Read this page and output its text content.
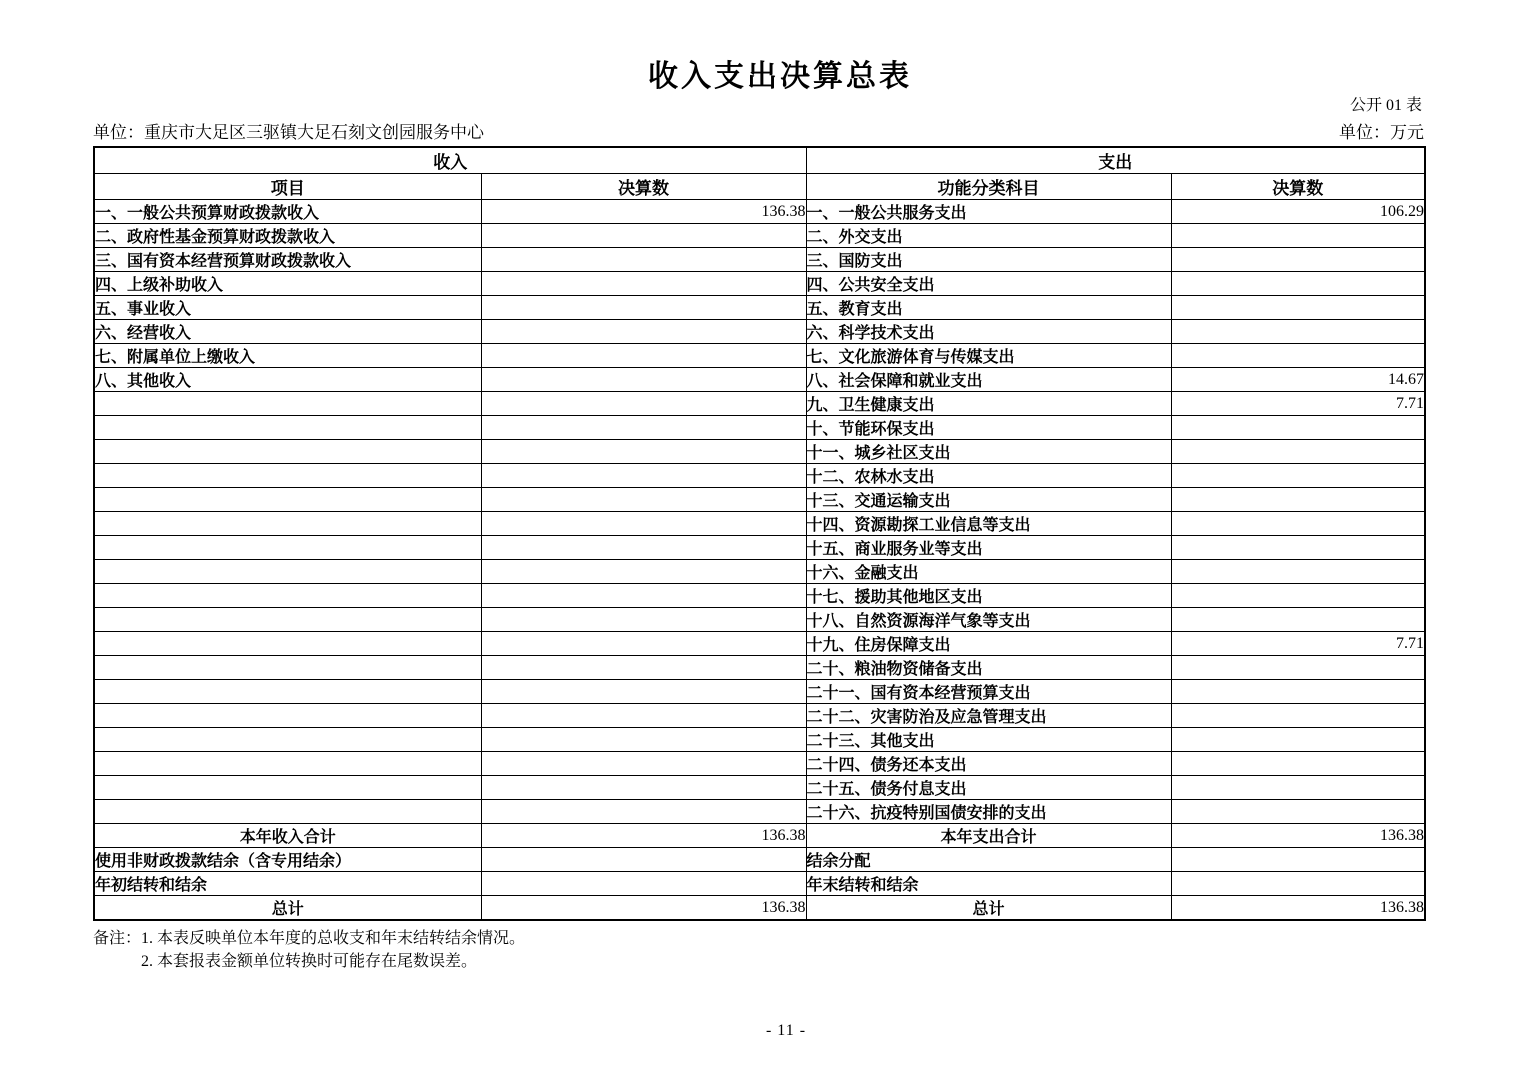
收入支出决算总表
公开 01 表
单位：重庆市大足区三驱镇大足石刻文创园服务中心	单位：万元
收入		支出	
项目	决算数	功能分类科目	决算数
一、一般公共预算财政拨款收入	136.38	一、一般公共服务支出	106.29
二、政府性基金预算财政拨款收入		二、外交支出	
三、国有资本经营预算财政拨款收入		三、国防支出	
四、上级补助收入		四、公共安全支出	
五、事业收入		五、教育支出	
六、经营收入		六、科学技术支出	
七、附属单位上缴收入		七、文化旅游体育与传媒支出	
八、其他收入		八、社会保障和就业支出	14.67
		九、卫生健康支出	7.71
		十、节能环保支出	
		十一、城乡社区支出	
		十二、农林水支出	
		十三、交通运输支出	
		十四、资源勘探工业信息等支出	
		十五、商业服务业等支出	
		十六、金融支出	
		十七、援助其他地区支出	
		十八、自然资源海洋气象等支出	
		十九、住房保障支出	7.71
		二十、粮油物资储备支出	
		二十一、国有资本经营预算支出	
		二十二、灾害防治及应急管理支出	
		二十三、其他支出	
		二十四、债务还本支出	
		二十五、债务付息支出	
		二十六、抗疫特别国债安排的支出	
本年收入合计	136.38	本年支出合计	136.38
使用非财政拨款结余（含专用结余）		结余分配	
年初结转和结余		年末结转和结余	
总计	136.38	总计	136.38
备注： 1. 本表反映单位本年度的总收支和年末结转结余情况。
2. 本套报表金额单位转换时可能存在尾数误差。
- 11 -
